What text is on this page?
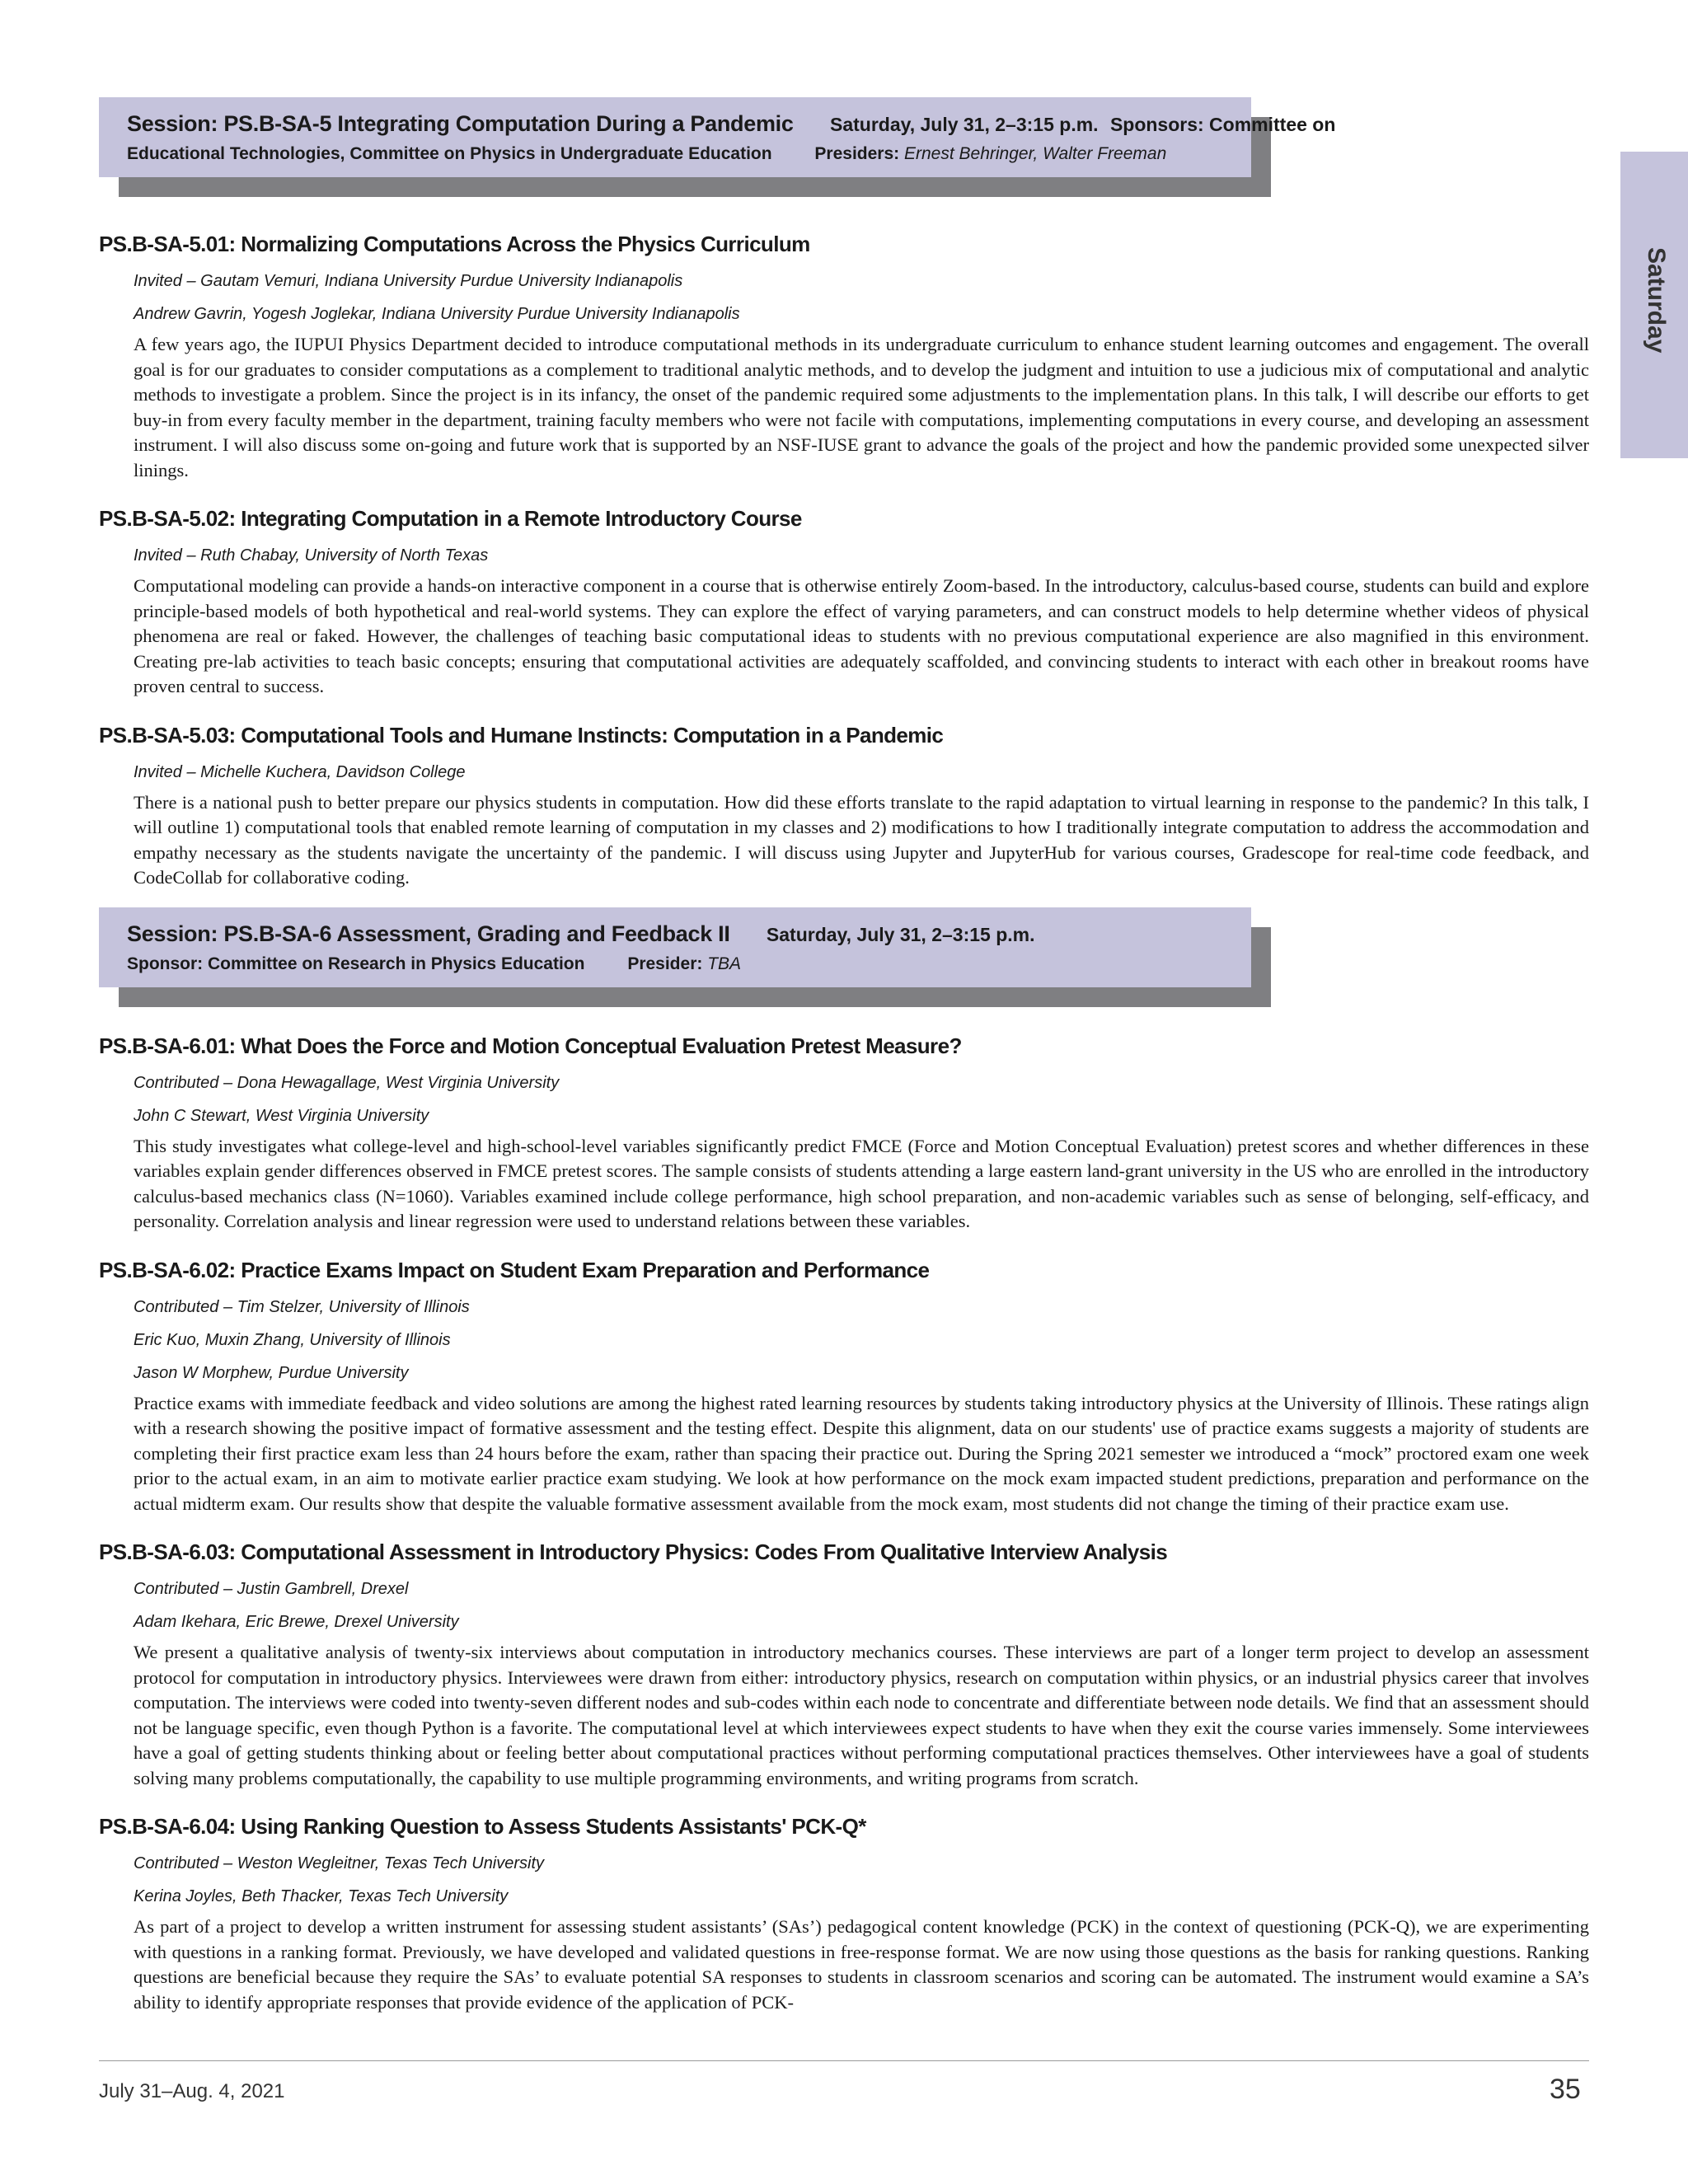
Saturday
Session: PS.B-SA-5 Integrating Computation During a Pandemic Saturday, July 31, 2–3:15 p.m. Sponsors: Committee on
Educational Technologies, Committee on Physics in Undergraduate Education Presiders: Ernest Behringer, Walter Freeman
PS.B-SA-5.01: Normalizing Computations Across the Physics Curriculum
Invited – Gautam Vemuri, Indiana University Purdue University Indianapolis
Andrew Gavrin, Yogesh Joglekar, Indiana University Purdue University Indianapolis
A few years ago, the IUPUI Physics Department decided to introduce computational methods in its undergraduate curriculum to enhance student learning outcomes and engagement. The overall goal is for our graduates to consider computations as a complement to traditional analytic methods, and to develop the judgment and intuition to use a judicious mix of computational and analytic methods to investigate a problem. Since the project is in its infancy, the onset of the pandemic required some adjustments to the implementation plans. In this talk, I will describe our efforts to get buy-in from every faculty member in the department, training faculty members who were not facile with computations, implementing computations in every course, and developing an assessment instrument. I will also discuss some on-going and future work that is supported by an NSF-IUSE grant to advance the goals of the project and how the pandemic provided some unexpected silver linings.
PS.B-SA-5.02: Integrating Computation in a Remote Introductory Course
Invited – Ruth Chabay, University of North Texas
Computational modeling can provide a hands-on interactive component in a course that is otherwise entirely Zoom-based. In the introductory, calculus-based course, students can build and explore principle-based models of both hypothetical and real-world systems. They can explore the effect of varying parameters, and can construct models to help determine whether videos of physical phenomena are real or faked. However, the challenges of teaching basic computational ideas to students with no previous computational experience are also magnified in this environment. Creating pre-lab activities to teach basic concepts; ensuring that computational activities are adequately scaffolded, and convincing students to interact with each other in breakout rooms have proven central to success.
PS.B-SA-5.03: Computational Tools and Humane Instincts: Computation in a Pandemic
Invited – Michelle Kuchera, Davidson College
There is a national push to better prepare our physics students in computation. How did these efforts translate to the rapid adaptation to virtual learning in response to the pandemic? In this talk, I will outline 1) computational tools that enabled remote learning of computation in my classes and 2) modifications to how I traditionally integrate computation to address the accommodation and empathy necessary as the students navigate the uncertainty of the pandemic. I will discuss using Jupyter and JupyterHub for various courses, Gradescope for real-time code feedback, and CodeCollab for collaborative coding.
Session: PS.B-SA-6 Assessment, Grading and Feedback II Saturday, July 31, 2–3:15 p.m.
Sponsor: Committee on Research in Physics Education Presider: TBA
PS.B-SA-6.01: What Does the Force and Motion Conceptual Evaluation Pretest Measure?
Contributed – Dona Hewagallage, West Virginia University
John C Stewart, West Virginia University
This study investigates what college-level and high-school-level variables significantly predict FMCE (Force and Motion Conceptual Evaluation) pretest scores and whether differences in these variables explain gender differences observed in FMCE pretest scores. The sample consists of students attending a large eastern land-grant university in the US who are enrolled in the introductory calculus-based mechanics class (N=1060). Variables examined include college performance, high school preparation, and non-academic variables such as sense of belonging, self-efficacy, and personality. Correlation analysis and linear regression were used to understand relations between these variables.
PS.B-SA-6.02: Practice Exams Impact on Student Exam Preparation and Performance
Contributed – Tim Stelzer, University of Illinois
Eric Kuo, Muxin Zhang, University of Illinois
Jason W Morphew, Purdue University
Practice exams with immediate feedback and video solutions are among the highest rated learning resources by students taking introductory physics at the University of Illinois. These ratings align with a research showing the positive impact of formative assessment and the testing effect. Despite this alignment, data on our students' use of practice exams suggests a majority of students are completing their first practice exam less than 24 hours before the exam, rather than spacing their practice out. During the Spring 2021 semester we introduced a “mock” proctored exam one week prior to the actual exam, in an aim to motivate earlier practice exam studying. We look at how performance on the mock exam impacted student predictions, preparation and performance on the actual midterm exam. Our results show that despite the valuable formative assessment available from the mock exam, most students did not change the timing of their practice exam use.
PS.B-SA-6.03: Computational Assessment in Introductory Physics: Codes From Qualitative Interview Analysis
Contributed – Justin Gambrell, Drexel
Adam Ikehara, Eric Brewe, Drexel University
We present a qualitative analysis of twenty-six interviews about computation in introductory mechanics courses. These interviews are part of a longer term project to develop an assessment protocol for computation in introductory physics. Interviewees were drawn from either: introductory physics, research on computation within physics, or an industrial physics career that involves computation. The interviews were coded into twenty-seven different nodes and sub-codes within each node to concentrate and differentiate between node details. We find that an assessment should not be language specific, even though Python is a favorite. The computational level at which interviewees expect students to have when they exit the course varies immensely. Some interviewees have a goal of getting students thinking about or feeling better about computational practices without performing computational practices themselves. Other interviewees have a goal of students solving many problems computationally, the capability to use multiple programming environments, and writing programs from scratch.
PS.B-SA-6.04: Using Ranking Question to Assess Students Assistants' PCK-Q*
Contributed – Weston Wegleitner, Texas Tech University
Kerina Joyles, Beth Thacker, Texas Tech University
As part of a project to develop a written instrument for assessing student assistants’ (SAs’) pedagogical content knowledge (PCK) in the context of questioning (PCK-Q), we are experimenting with questions in a ranking format. Previously, we have developed and validated questions in free-response format. We are now using those questions as the basis for ranking questions. Ranking questions are beneficial because they require the SAs’ to evaluate potential SA responses to students in classroom scenarios and scoring can be automated. The instrument would examine a SA’s ability to identify appropriate responses that provide evidence of the application of PCK-
July 31–Aug. 4, 2021	35
